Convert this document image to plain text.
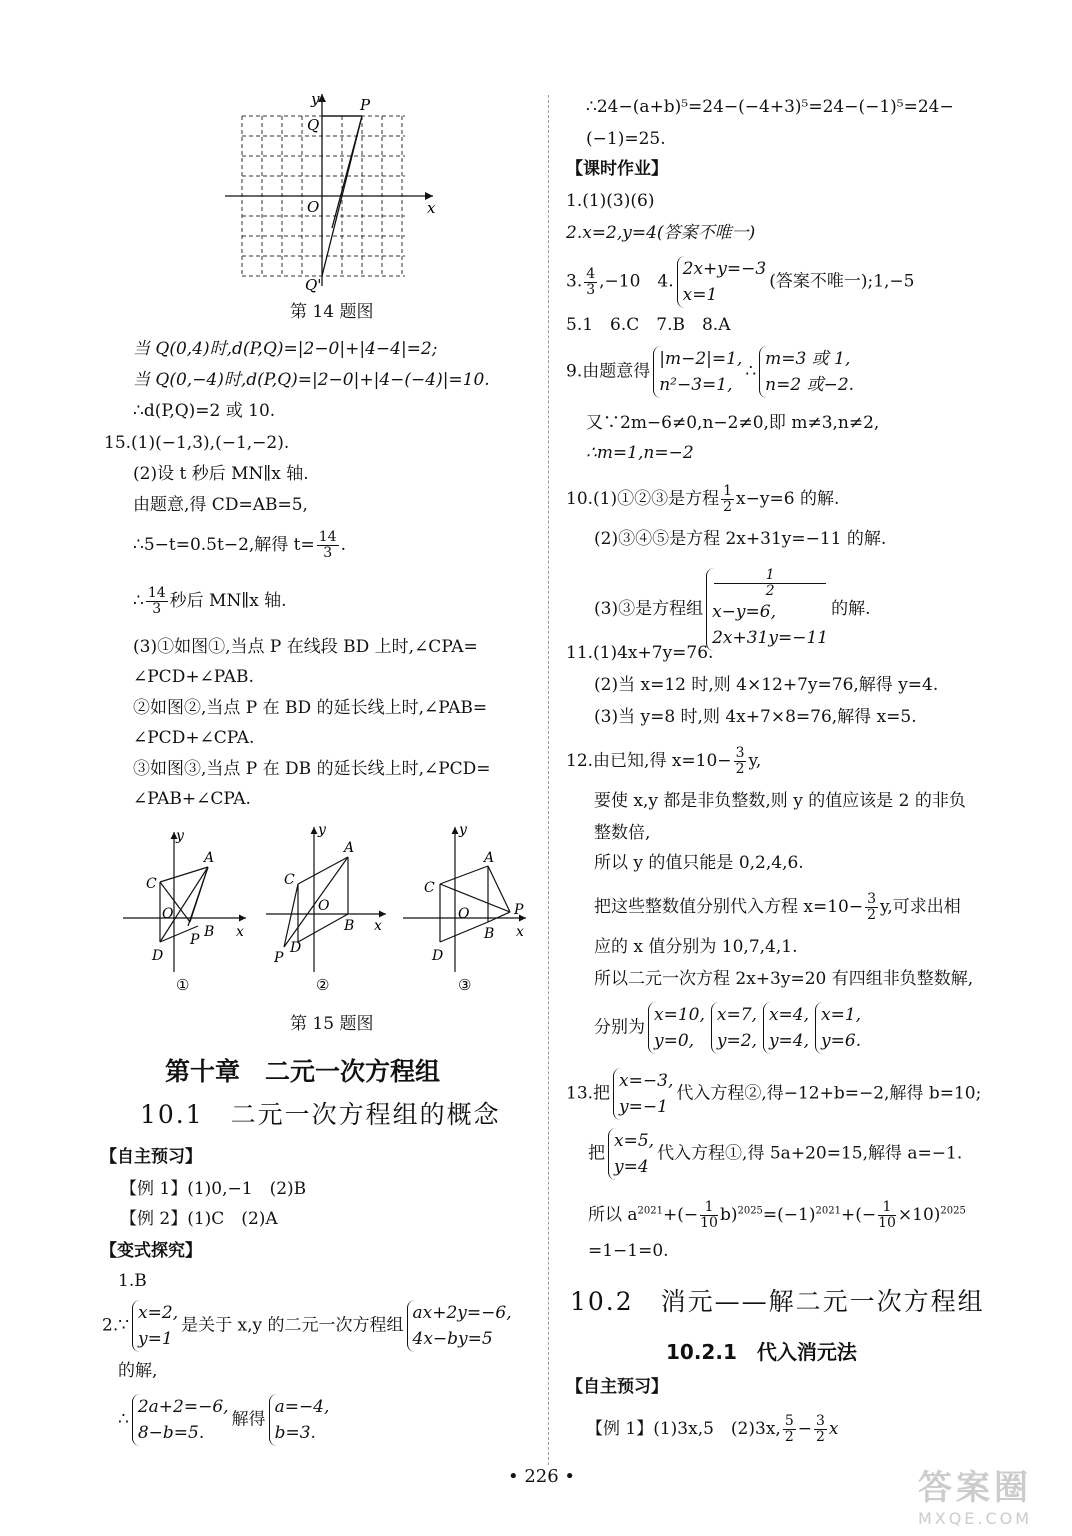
y
x
O
P
Q
Q'
第 14 题图
当 Q(0,4)时,d(P,Q)=|2−0|+|4−4|=2;
当 Q(0,−4)时,d(P,Q)=|2−0|+|4−(−4)|=10.
∴d(P,Q)=2 或 10.
15.(1)(−1,3),(−1,−2).
(2)设 t 秒后 MN∥x 轴.
由题意,得 CD=AB=5,
∴5−t=0.5t−2,解得 $t= \frac{14}{3}$ .
∴ $\frac{14}{3}$ 秒后 MN∥x 轴.
(3)①如图①,当点 P 在线段 BD 上时,∠CPA=
∠PCD+∠PAB.
②如图②,当点 P 在 BD 的延长线上时,∠PAB=
∠PCD+∠CPA.
③如图③,当点 P 在 DB 的延长线上时,∠PCD=
∠PAB+∠CPA.
y
x
A
C
O
P B
D
y
x
A
C
O
B
D
P
y
x
A
C
O
B
D
P
①	②	③
第 15 题图
第十章　二元一次方程组
10.1　二元一次方程组的概念
【自主预习】
【例 1】(1)0,−1　(2)B
【例 2】(1)C　(2)A
【变式探究】
1.B
2.∵
x=2,
y=1
是关于 x,y 的二元一次方程组
ax+2y=−6,
4x−by=5
的解,
∴
2a+2=−6,
8−b=5.
解得
a=−4,
b=3.
∴24−(a+b)⁵=24−(−4+3)⁵=24−(−1)⁵=24−
(−1)=25.
【课时作业】
1.(1)(3)(6)
2.x=2,y=4(答案不唯一)
3. $\frac{4}{3} ,-10$　4.
2x+y=−3
x=1
(答案不唯一);1,−5
5.1　6.C　7.B　8.A
9.由题意得
|m−2|=1,
n²−3=1,
∴
m=3 或 1,
n=2 或−2.
又∵2m−6≠0,n−2≠0,即 m≠3,n≠2,
∴m=1,n=−2
10.(1)①②③是方程 $\frac{1}{2} x-y=6$ 的解.
(2)③④⑤是方程 2x+31y=−11 的解.
(3)③是方程组
1
2
x−y=6,
2x+31y=−11
的解.
11.(1)4x+7y=76.
(2)当 x=12 时,则 4×12+7y=76,解得 y=4.
(3)当 y=8 时,则 4x+7×8=76,解得 x=5.
12.由已知,得 $x=10- \frac{3}{2} y$,
要使 x,y 都是非负整数,则 y 的值应该是 2 的非负
整数倍,
所以 y 的值只能是 0,2,4,6.
把这些整数值分别代入方程 $x=10- \frac{3}{2} y$,可求出相
应的 x 值分别为 10,7,4,1.
所以二元一次方程 2x+3y=20 有四组非负整数解,
分别为
x=10,
y=0,
x=7,
y=2,
x=4,
y=4,
x=1,
y=6.
13.把
x=−3,
y=−1
代入方程②,得−12+b=−2,解得 b=10;
把
x=5,
y=4
代入方程①,得 5a+20=15,解得 a=−1.
所以 $a^{2021}+(- \frac{1}{10} b)^{2025}=(-1)^{2021}+(- \frac{1}{10} \times 10)^{2025}$
=1−1=0.
10.2　消元——解二元一次方程组
10.2.1　代入消元法
【自主预习】
【例 1】(1)3x,5　(2)3x, $\frac{5}{2} - \frac{3}{2}$ x
• 226 •	答案圈
MXQE.COM
